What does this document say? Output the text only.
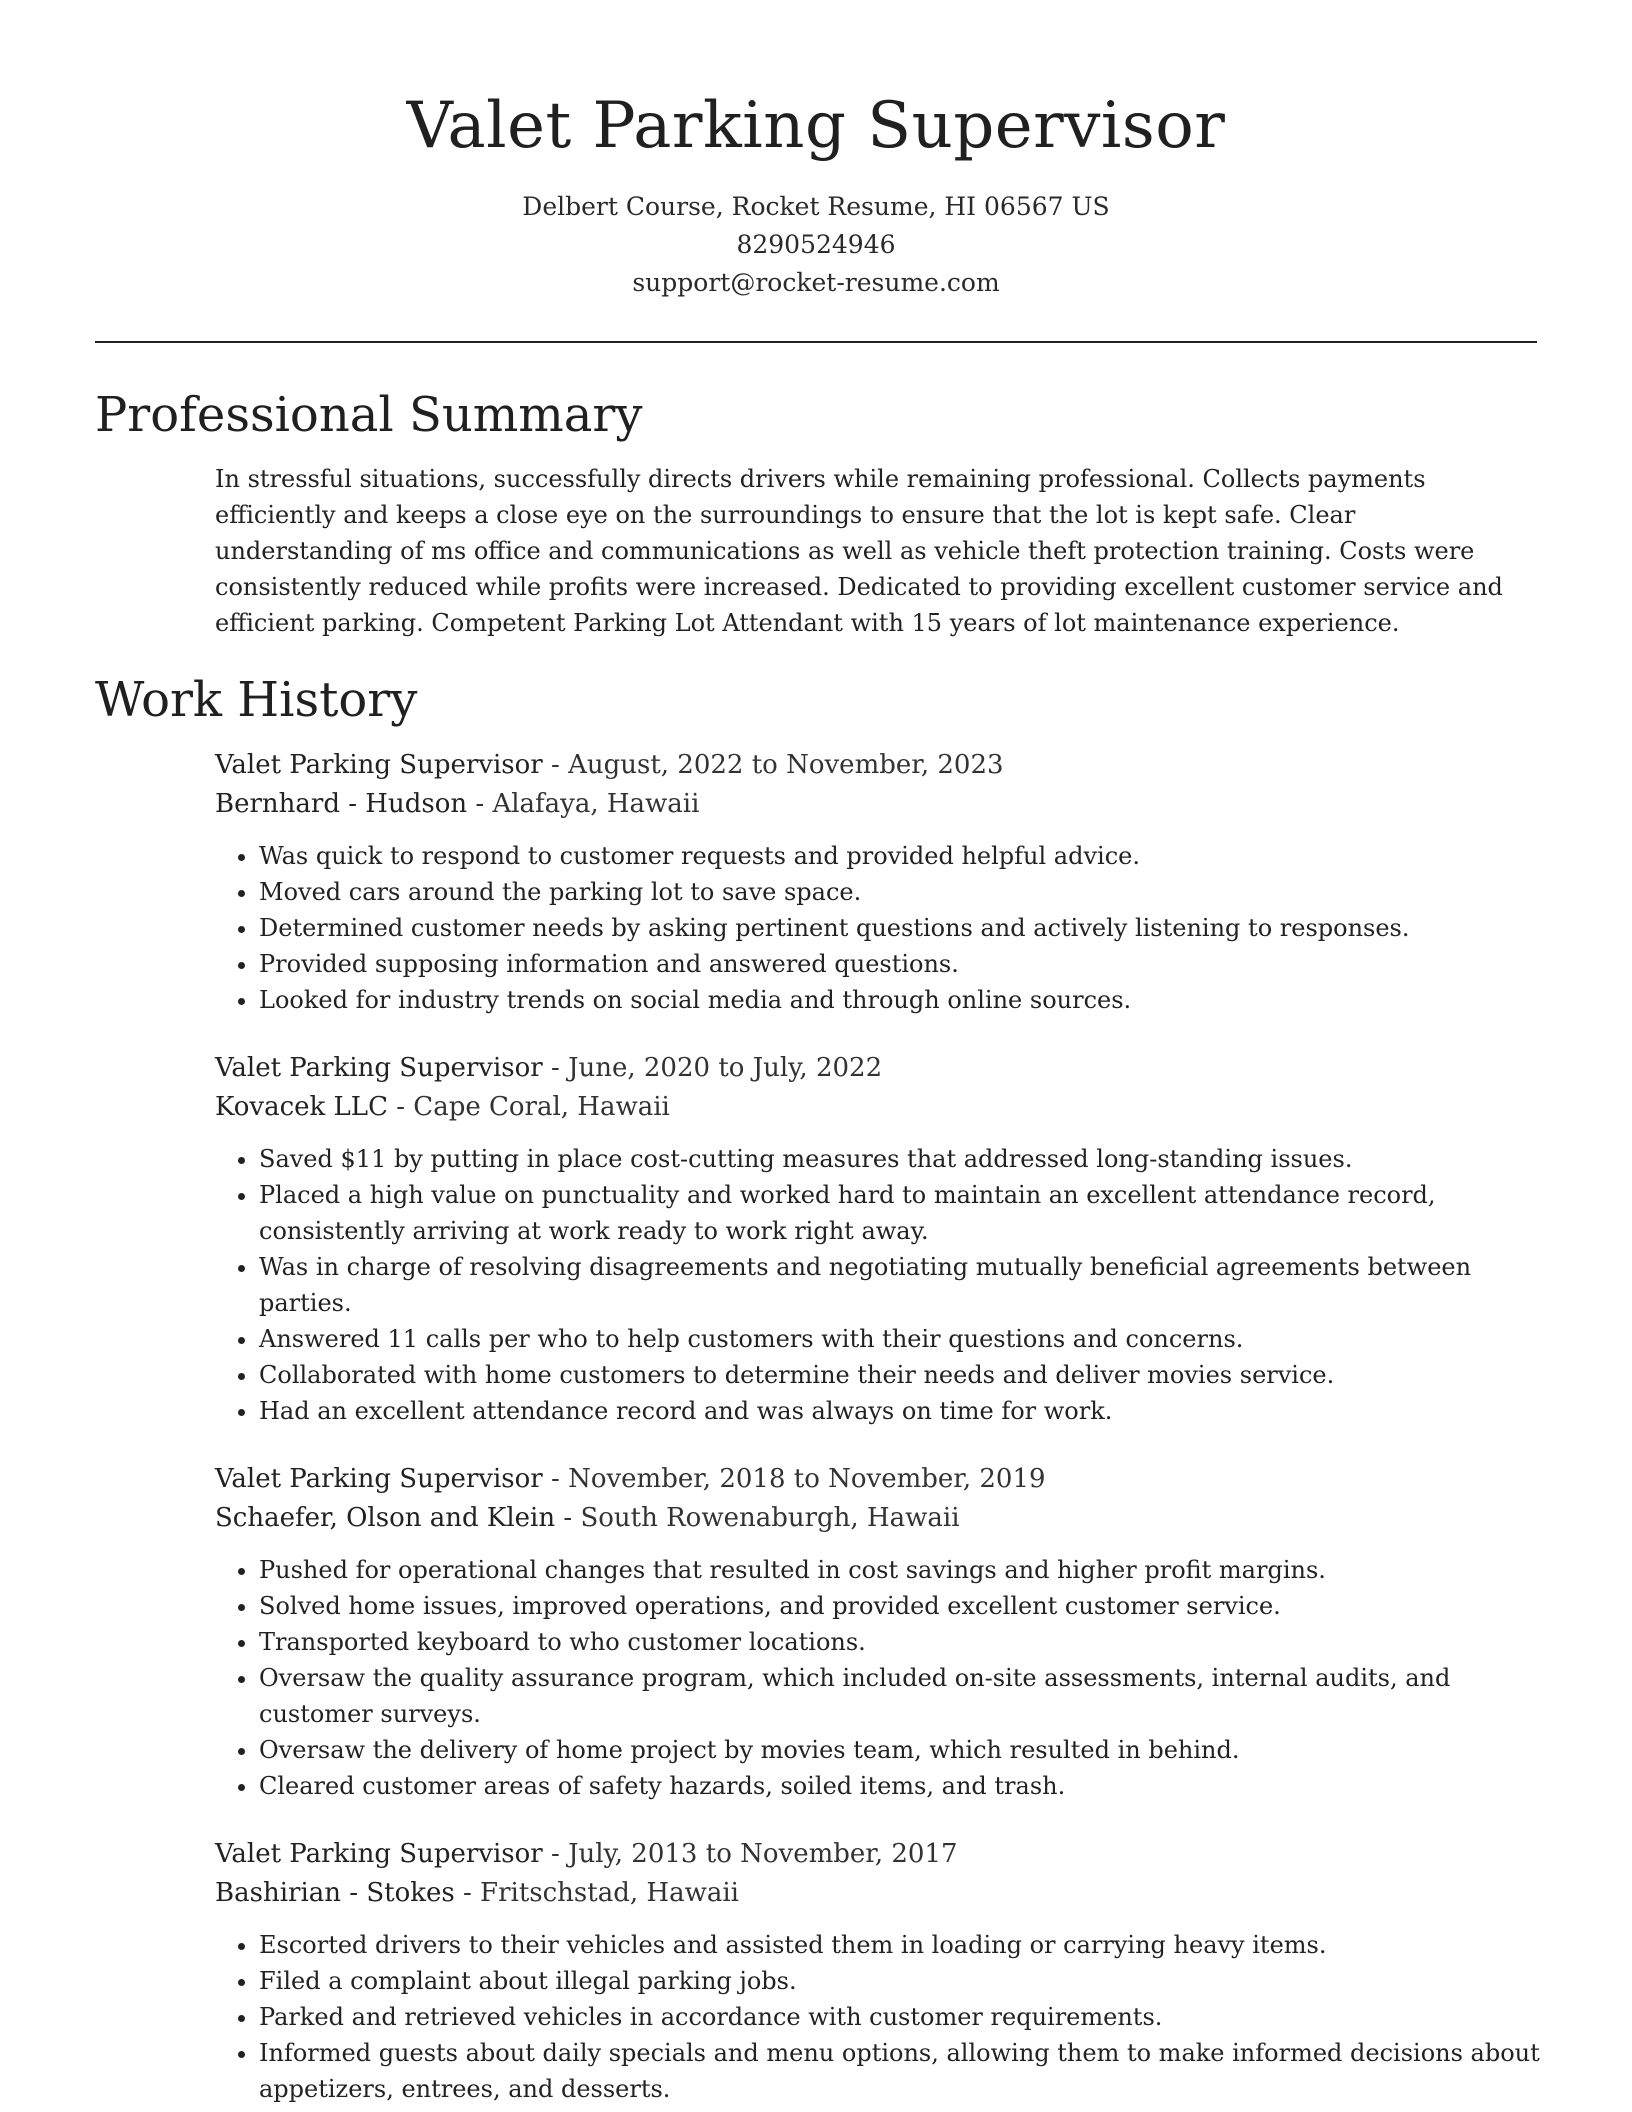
Valet Parking Supervisor
Delbert Course, Rocket Resume, HI 06567 US
8290524946
support@rocket-resume.com
Professional Summary

In stressful situations, successfully directs drivers while remaining professional. Collects payments efficiently and keeps a close eye on the surroundings to ensure that the lot is kept safe. Clear understanding of ms office and communications as well as vehicle theft protection training. Costs were consistently reduced while profits were increased. Dedicated to providing excellent customer service and efficient parking. Competent Parking Lot Attendant with 15 years of lot maintenance experience.

Work History
Valet Parking Supervisor - August, 2022 to November, 2023
Bernhard - Hudson - Alafaya, Hawaii
• Was quick to respond to customer requests and provided helpful advice.
• Moved cars around the parking lot to save space.
• Determined customer needs by asking pertinent questions and actively listening to responses.
• Provided supposing information and answered questions.
• Looked for industry trends on social media and through online sources.
Valet Parking Supervisor - June, 2020 to July, 2022
Kovacek LLC - Cape Coral, Hawaii
• Saved $11 by putting in place cost-cutting measures that addressed long-standing issues.
• Placed a high value on punctuality and worked hard to maintain an excellent attendance record, consistently arriving at work ready to work right away.
• Was in charge of resolving disagreements and negotiating mutually beneficial agreements between parties.
• Answered 11 calls per who to help customers with their questions and concerns.
• Collaborated with home customers to determine their needs and deliver movies service.
• Had an excellent attendance record and was always on time for work.
Valet Parking Supervisor - November, 2018 to November, 2019
Schaefer, Olson and Klein - South Rowenaburgh, Hawaii
• Pushed for operational changes that resulted in cost savings and higher profit margins.
• Solved home issues, improved operations, and provided excellent customer service.
• Transported keyboard to who customer locations.
• Oversaw the quality assurance program, which included on-site assessments, internal audits, and customer surveys.
• Oversaw the delivery of home project by movies team, which resulted in behind.
• Cleared customer areas of safety hazards, soiled items, and trash.
Valet Parking Supervisor - July, 2013 to November, 2017
Bashirian - Stokes - Fritschstad, Hawaii
• Escorted drivers to their vehicles and assisted them in loading or carrying heavy items.
• Filed a complaint about illegal parking jobs.
• Parked and retrieved vehicles in accordance with customer requirements.
• Informed guests about daily specials and menu options, allowing them to make informed decisions about appetizers, entrees, and desserts.
